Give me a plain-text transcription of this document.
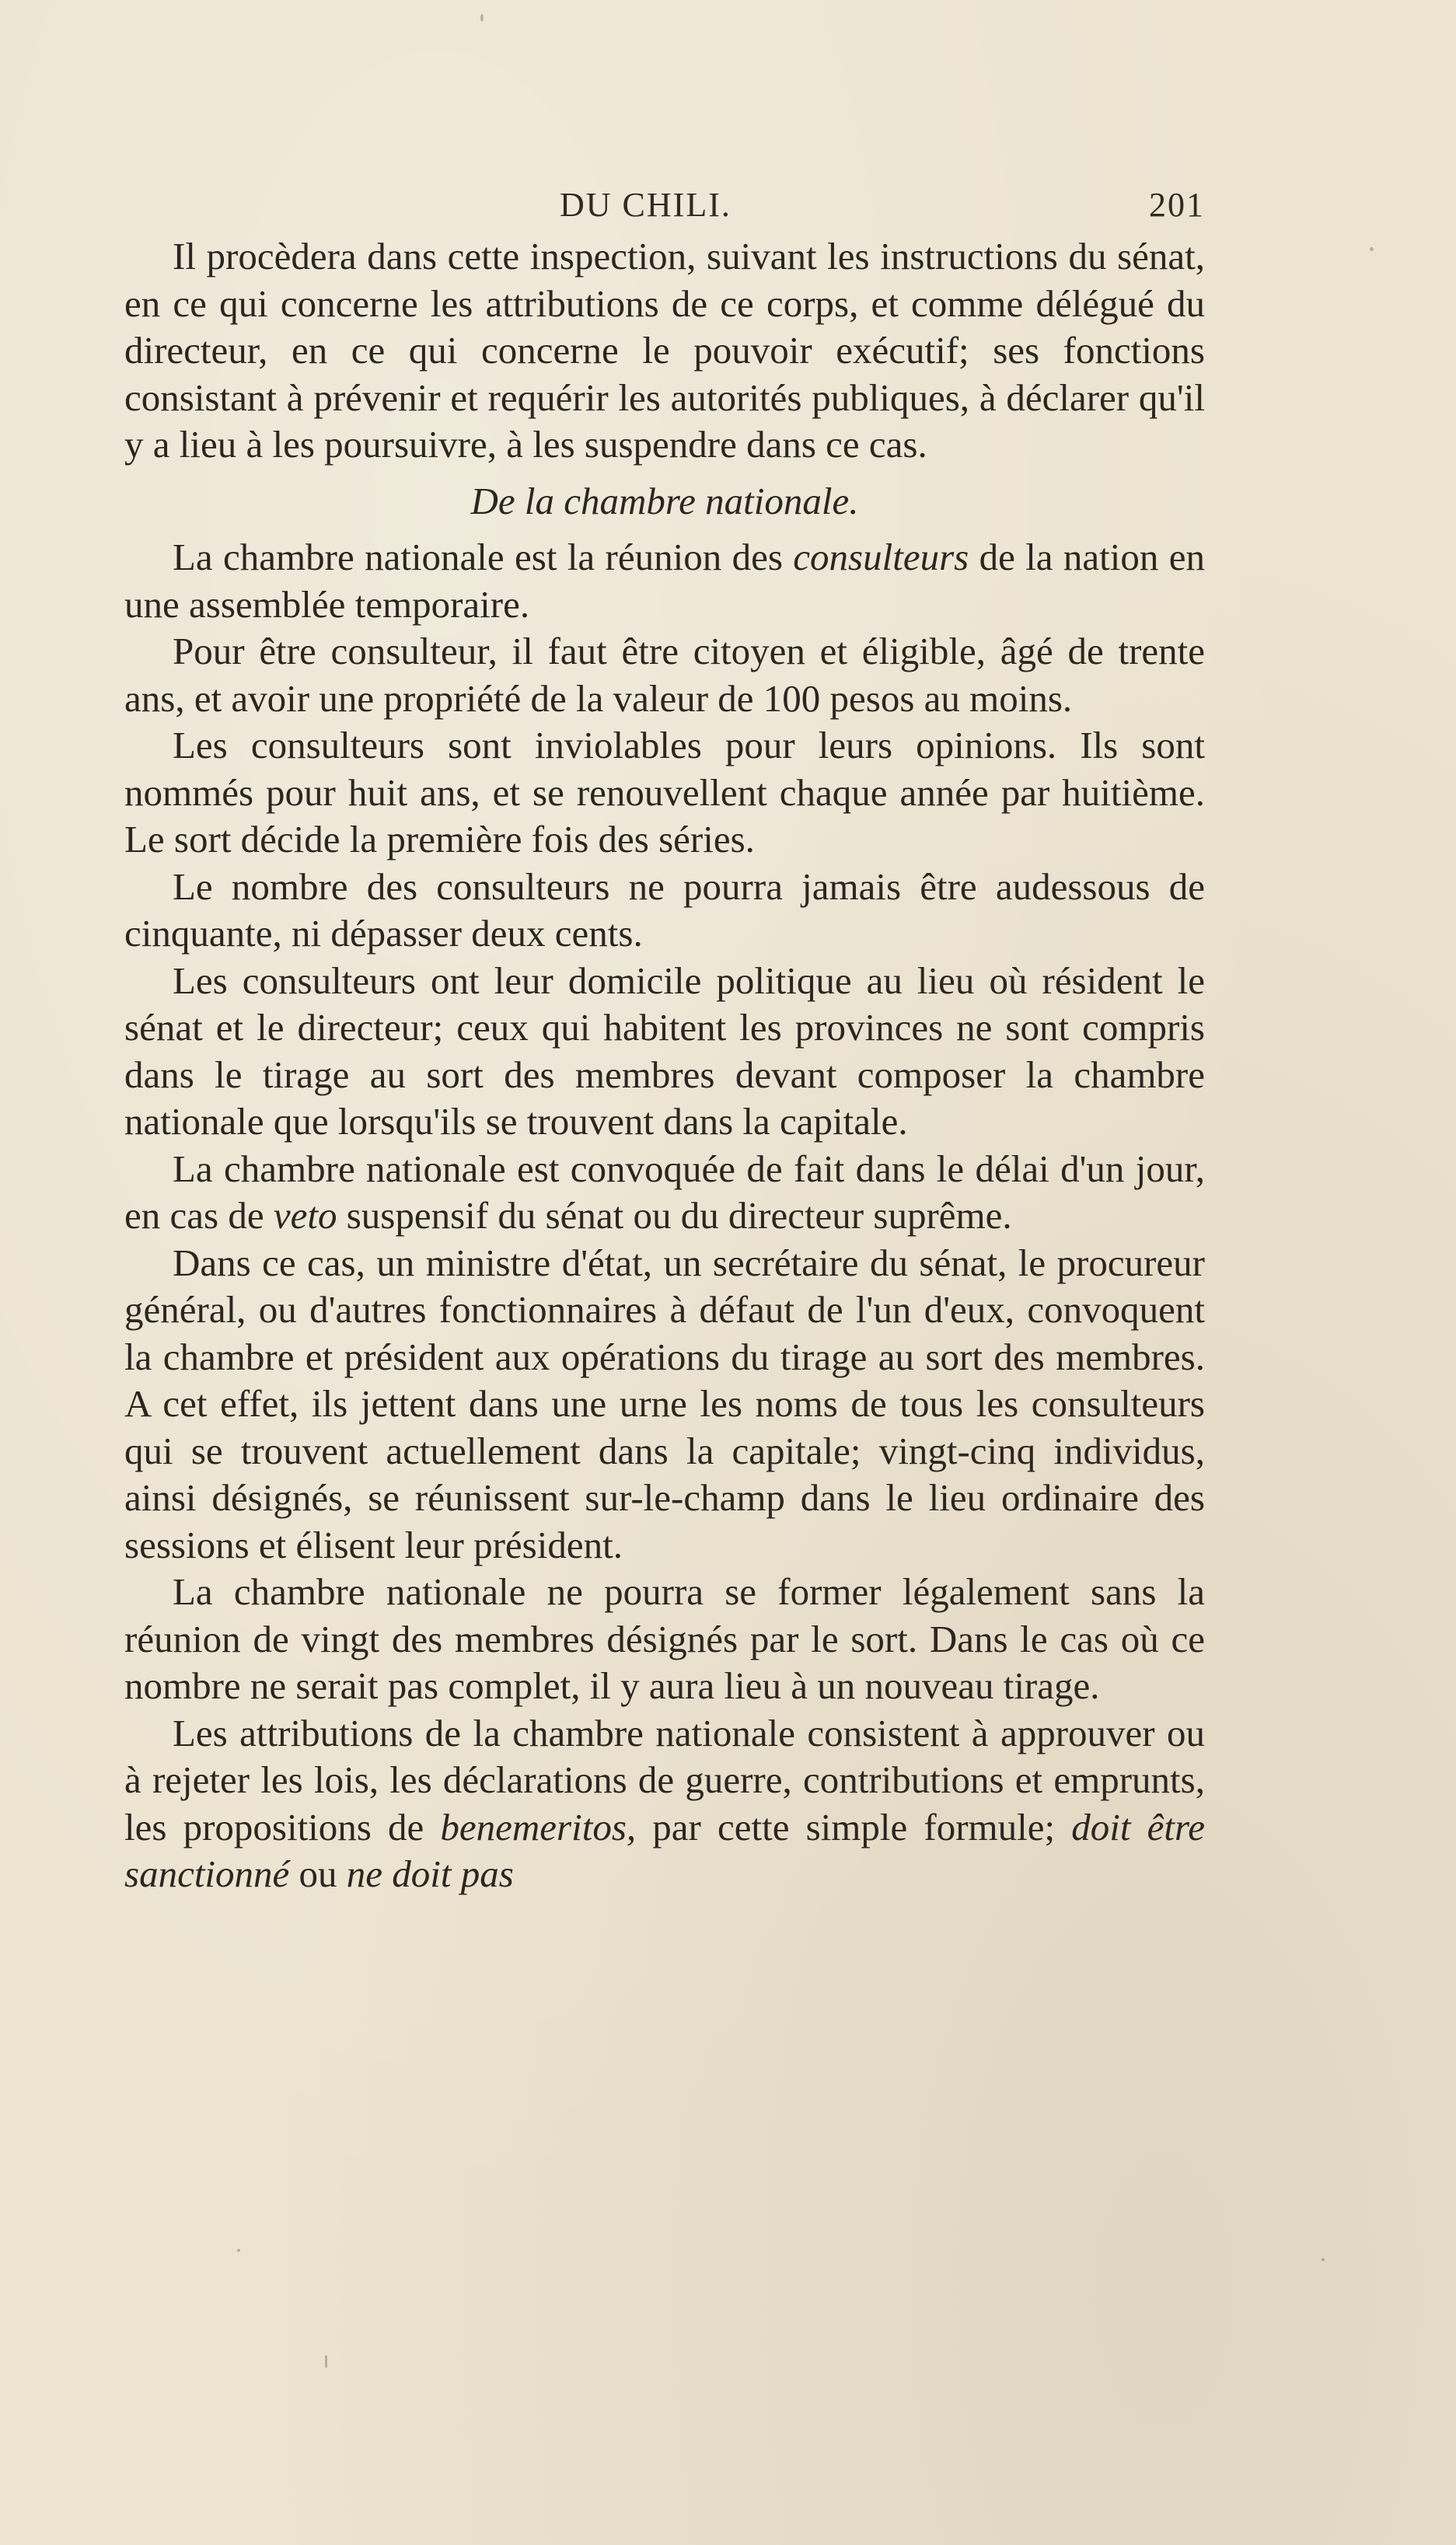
DU CHILI.	201

Il procèdera dans cette inspection, suivant les instructions du sénat, en ce qui concerne les attributions de ce corps, et comme délégué du directeur, en ce qui concerne le pouvoir exécutif; ses fonctions consistant à prévenir et requérir les autorités publiques, à déclarer qu'il y a lieu à les poursuivre, à les suspendre dans ce cas.

De la chambre nationale.

La chambre nationale est la réunion des consulteurs de la nation en une assemblée temporaire.

Pour être consulteur, il faut être citoyen et éligible, âgé de trente ans, et avoir une propriété de la valeur de 100 pesos au moins.

Les consulteurs sont inviolables pour leurs opinions. Ils sont nommés pour huit ans, et se renouvellent chaque année par huitième. Le sort décide la première fois des séries.

Le nombre des consulteurs ne pourra jamais être audessous de cinquante, ni dépasser deux cents.

Les consulteurs ont leur domicile politique au lieu où résident le sénat et le directeur; ceux qui habitent les provinces ne sont compris dans le tirage au sort des membres devant composer la chambre nationale que lorsqu'ils se trouvent dans la capitale.

La chambre nationale est convoquée de fait dans le délai d'un jour, en cas de veto suspensif du sénat ou du directeur suprême.

Dans ce cas, un ministre d'état, un secrétaire du sénat, le procureur général, ou d'autres fonctionnaires à défaut de l'un d'eux, convoquent la chambre et président aux opérations du tirage au sort des membres. A cet effet, ils jettent dans une urne les noms de tous les consulteurs qui se trouvent actuellement dans la capitale; vingt-cinq individus, ainsi désignés, se réunissent sur-le-champ dans le lieu ordinaire des sessions et élisent leur président.

La chambre nationale ne pourra se former légalement sans la réunion de vingt des membres désignés par le sort. Dans le cas où ce nombre ne serait pas complet, il y aura lieu à un nouveau tirage.

Les attributions de la chambre nationale consistent à approuver ou à rejeter les lois, les déclarations de guerre, contributions et emprunts, les propositions de benemeritos, par cette simple formule; doit être sanctionné ou ne doit pas
